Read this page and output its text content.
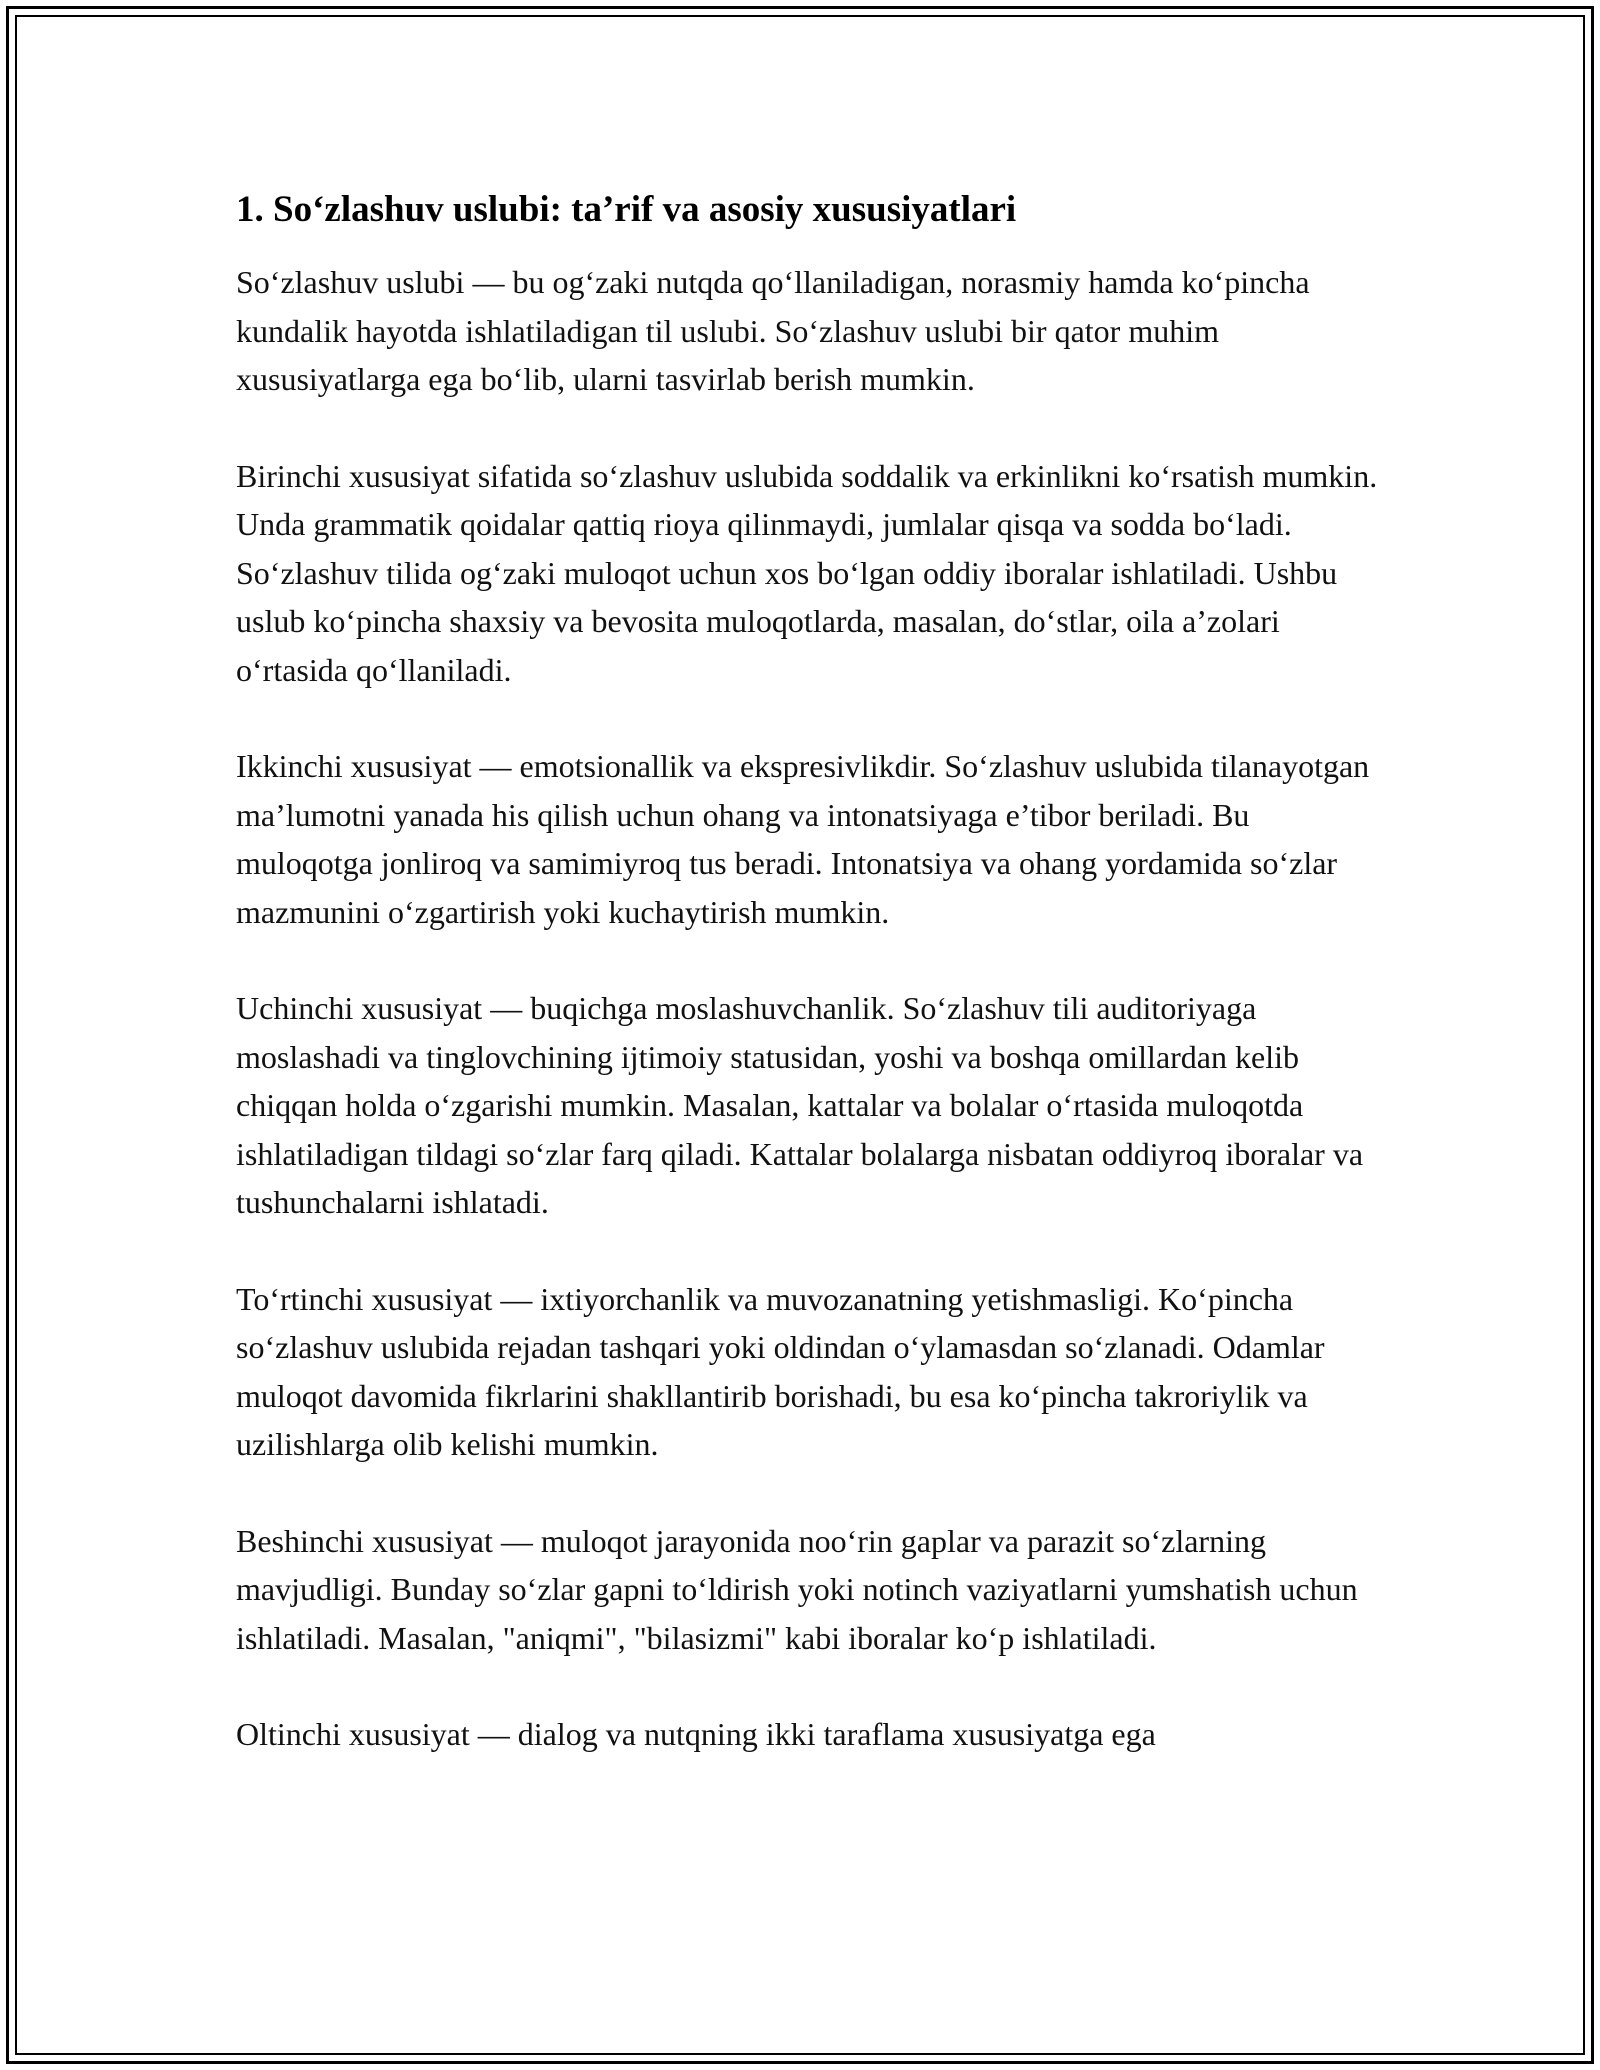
1. So‘zlashuv uslubi: ta’rif va asosiy xususiyatlari

So‘zlashuv uslubi — bu og‘zaki nutqda qo‘llaniladigan, norasmiy hamda ko‘pincha kundalik hayotda ishlatiladigan til uslubi. So‘zlashuv uslubi bir qator muhim xususiyatlarga ega bo‘lib, ularni tasvirlab berish mumkin.

Birinchi xususiyat sifatida so‘zlashuv uslubida soddalik va erkinlikni ko‘rsatish mumkin. Unda grammatik qoidalar qattiq rioya qilinmaydi, jumlalar qisqa va sodda bo‘ladi. So‘zlashuv tilida og‘zaki muloqot uchun xos bo‘lgan oddiy iboralar ishlatiladi. Ushbu uslub ko‘pincha shaxsiy va bevosita muloqotlarda, masalan, do‘stlar, oila a’zolari o‘rtasida qo‘llaniladi.

Ikkinchi xususiyat — emotsionallik va ekspresivlikdir. So‘zlashuv uslubida tilanayotgan ma’lumotni yanada his qilish uchun ohang va intonatsiyaga e’tibor beriladi. Bu muloqotga jonliroq va samimiyroq tus beradi. Intonatsiya va ohang yordamida so‘zlar mazmunini o‘zgartirish yoki kuchaytirish mumkin.

Uchinchi xususiyat — buqichga moslashuvchanlik. So‘zlashuv tili auditoriyaga moslashadi va tinglovchining ijtimoiy statusidan, yoshi va boshqa omillardan kelib chiqqan holda o‘zgarishi mumkin. Masalan, kattalar va bolalar o‘rtasida muloqotda ishlatiladigan tildagi so‘zlar farq qiladi. Kattalar bolalarga nisbatan oddiyroq iboralar va tushunchalarni ishlatadi.

To‘rtinchi xususiyat — ixtiyorchanlik va muvozanatning yetishmasligi. Ko‘pincha so‘zlashuv uslubida rejadan tashqari yoki oldindan o‘ylamasdan so‘zlanadi. Odamlar muloqot davomida fikrlarini shakllantirib borishadi, bu esa ko‘pincha takroriylik va uzilishlarga olib kelishi mumkin.

Beshinchi xususiyat — muloqot jarayonida noo‘rin gaplar va parazit so‘zlarning mavjudligi. Bunday so‘zlar gapni to‘ldirish yoki notinch vaziyatlarni yumshatish uchun ishlatiladi. Masalan, "aniqmi", "bilasizmi" kabi iboralar ko‘p ishlatiladi.

Oltinchi xususiyat — dialog va nutqning ikki taraflama xususiyatga ega
